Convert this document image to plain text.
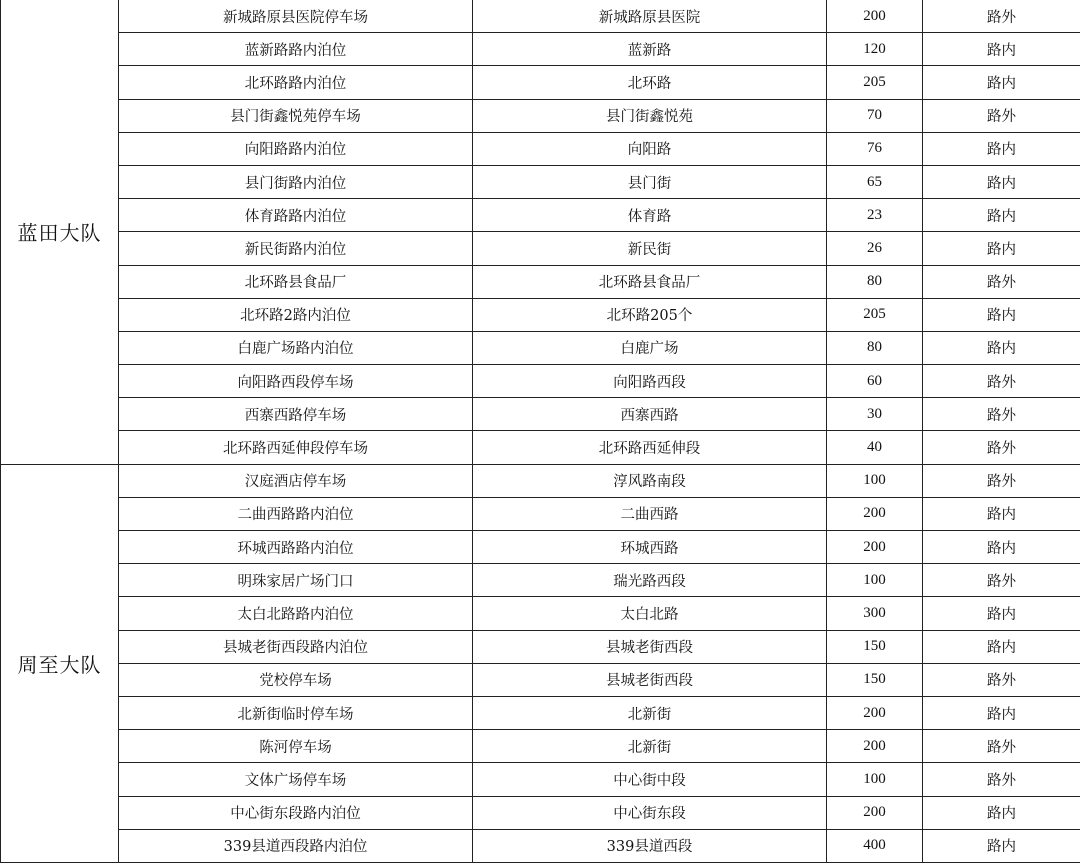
蓝田大队	新城路原县医院停车场	新城路原县医院	200	路外
	蓝新路路内泊位	蓝新路	120	路内
	北环路路内泊位	北环路	205	路内
	县门街鑫悦苑停车场	县门街鑫悦苑	70	路外
	向阳路路内泊位	向阳路	76	路内
	县门街路内泊位	县门街	65	路内
	体育路路内泊位	体育路	23	路内
	新民街路内泊位	新民街	26	路内
	北环路县食品厂	北环路县食品厂	80	路外
	北环路2路内泊位	北环路205个	205	路内
	白鹿广场路内泊位	白鹿广场	80	路内
	向阳路西段停车场	向阳路西段	60	路外
	西寨西路停车场	西寨西路	30	路外
	北环路西延伸段停车场	北环路西延伸段	40	路外
周至大队	汉庭酒店停车场	淳风路南段	100	路外
	二曲西路路内泊位	二曲西路	200	路内
	环城西路路内泊位	环城西路	200	路内
	明珠家居广场门口	瑞光路西段	100	路外
	太白北路路内泊位	太白北路	300	路内
	县城老街西段路内泊位	县城老街西段	150	路内
	党校停车场	县城老街西段	150	路外
	北新街临时停车场	北新街	200	路内
	陈河停车场	北新街	200	路外
	文体广场停车场	中心街中段	100	路外
	中心街东段路内泊位	中心街东段	200	路内
	339县道西段路内泊位	339县道西段	400	路内
